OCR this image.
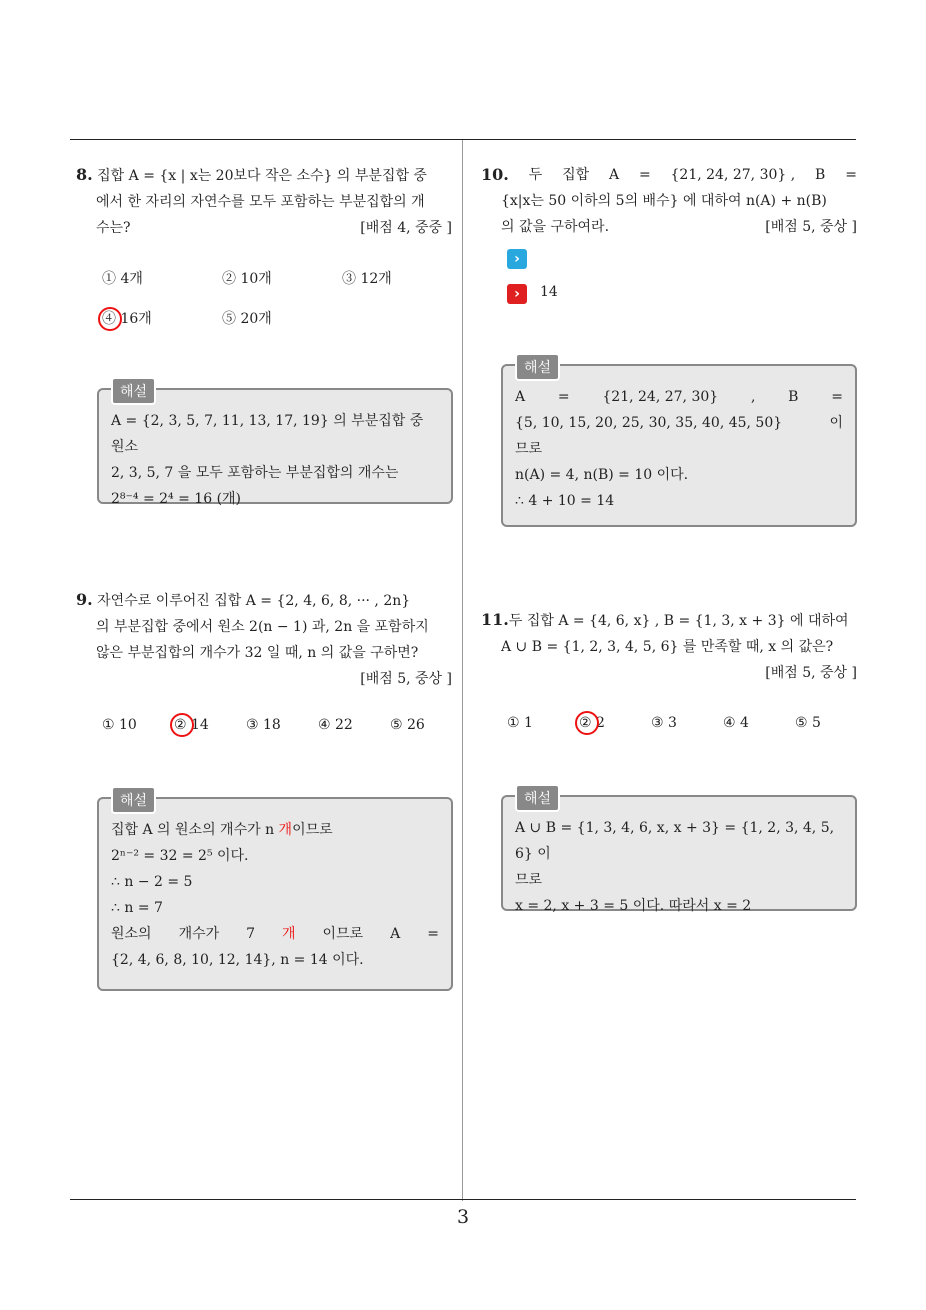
3
8. 집합 A = {x | x는 20보다 작은 소수} 의 부분집합 중
에서 한 자리의 자연수를 모두 포함하는 부분집합의 개
수는?	[배점 4, 중중 ]
① 4개	② 10개	③ 12개
④ 16개	⑤ 20개
해설
A = {2, 3, 5, 7, 11, 13, 17, 19} 의 부분집합 중 원소
2, 3, 5, 7 을 모두 포함하는 부분집합의 개수는
2⁸⁻⁴ = 2⁴ = 16 (개)
9. 자연수로 이루어진 집합 A = {2, 4, 6, 8, ··· , 2n}
의 부분집합 중에서 원소 2(n − 1) 과, 2n 을 포함하지
않은 부분집합의 개수가 32 일 때, n 의 값을 구하면?
[배점 5, 중상 ]
① 10	② 14	③ 18	④ 22	⑤ 26
해설
집합 A 의 원소의 개수가 n 개이므로
2ⁿ⁻² = 32 = 2⁵ 이다.
∴ n − 2 = 5
∴ n = 7
원소의 개수가 7 개 이므로 A =
{2, 4, 6, 8, 10, 12, 14}, n = 14 이다.
10. 두 집합 A = {21, 24, 27, 30} , B =
{x|x는 50 이하의 5의 배수} 에 대하여 n(A) + n(B)
의 값을 구하여라.	[배점 5, 중상 ]
›
›	14
해설
A = {21, 24, 27, 30} , B =
{5, 10, 15, 20, 25, 30, 35, 40, 45, 50}	이
므로
n(A) = 4, n(B) = 10 이다.
∴ 4 + 10 = 14
11.두 집합 A = {4, 6, x} , B = {1, 3, x + 3} 에 대하여
A ∪ B = {1, 2, 3, 4, 5, 6} 를 만족할 때, x 의 값은?
[배점 5, 중상 ]
① 1	② 2	③ 3	④ 4	⑤ 5
해설
A ∪ B = {1, 3, 4, 6, x, x + 3} = {1, 2, 3, 4, 5, 6} 이
므로
x = 2, x + 3 = 5 이다. 따라서 x = 2
